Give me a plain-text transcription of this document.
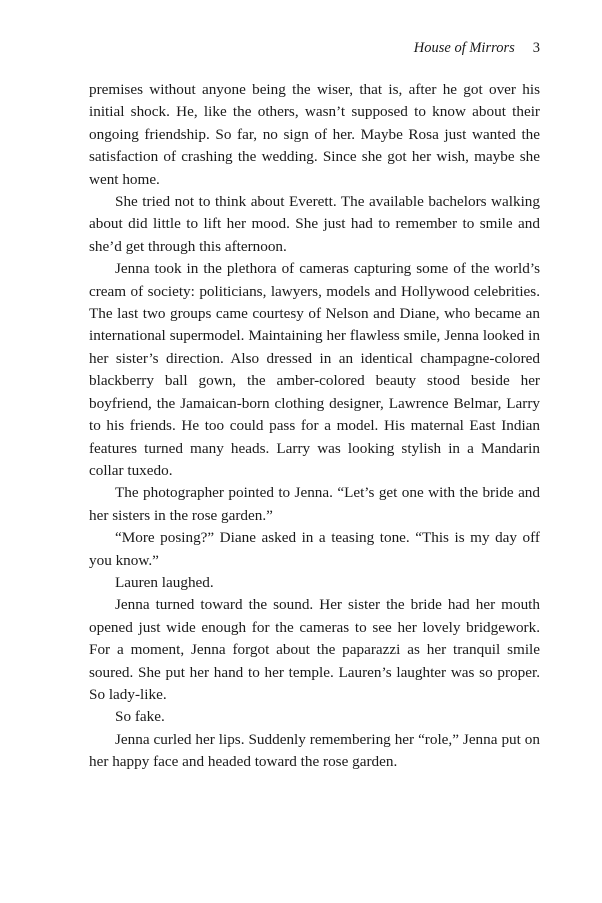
House of Mirrors 3

premises without anyone being the wiser, that is, after he got over his initial shock. He, like the others, wasn’t supposed to know about their ongoing friendship. So far, no sign of her. Maybe Rosa just wanted the satisfaction of crashing the wedding. Since she got her wish, maybe she went home.

She tried not to think about Everett. The available bachelors walking about did little to lift her mood. She just had to remember to smile and she’d get through this afternoon.

Jenna took in the plethora of cameras capturing some of the world’s cream of society: politicians, lawyers, models and Hollywood celebrities. The last two groups came courtesy of Nelson and Diane, who became an international supermodel. Maintaining her flawless smile, Jenna looked in her sister’s direction. Also dressed in an identical champagne-colored blackberry ball gown, the amber-colored beauty stood beside her boyfriend, the Jamaican-born clothing designer, Lawrence Belmar, Larry to his friends. He too could pass for a model. His maternal East Indian features turned many heads. Larry was looking stylish in a Mandarin collar tuxedo.

The photographer pointed to Jenna. “Let’s get one with the bride and her sisters in the rose garden.”

“More posing?” Diane asked in a teasing tone. “This is my day off you know.”

Lauren laughed.

Jenna turned toward the sound. Her sister the bride had her mouth opened just wide enough for the cameras to see her lovely bridgework. For a moment, Jenna forgot about the paparazzi as her tranquil smile soured. She put her hand to her temple. Lauren’s laughter was so proper. So lady-like.

So fake.

Jenna curled her lips. Suddenly remembering her “role,” Jenna put on her happy face and headed toward the rose garden.
